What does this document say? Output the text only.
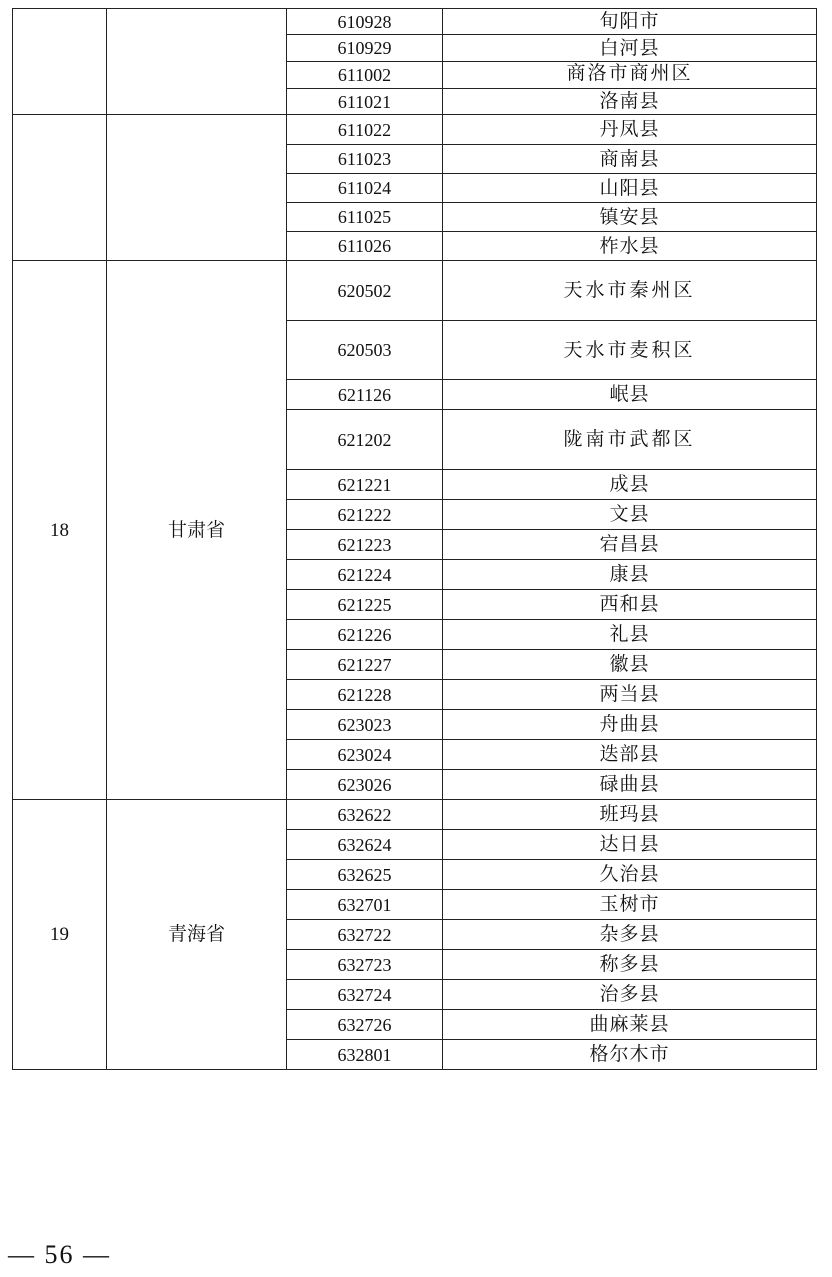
		610928	旬阳市
		610929	白河县
		611002	商洛市商州区

		611021	洛南县
		611022	丹凤县
		611023	商南县
		611024	山阳县
		611025	镇安县
		611026	柞水县
18	甘肃省	620502	天水市秦州区
		620503	天水市麦积区
		621126	岷县
		621202	陇南市武都区
		621221	成县
		621222	文县
		621223	宕昌县
		621224	康县
		621225	西和县
		621226	礼县
		621227	徽县
		621228	两当县
		623023	舟曲县
		623024	迭部县
		623026	碌曲县
19	青海省	632622	班玛县
		632624	达日县
		632625	久治县
		632701	玉树市
		632722	杂多县
		632723	称多县
		632724	治多县
		632726	曲麻莱县
		632801	格尔木市
— 56 —
